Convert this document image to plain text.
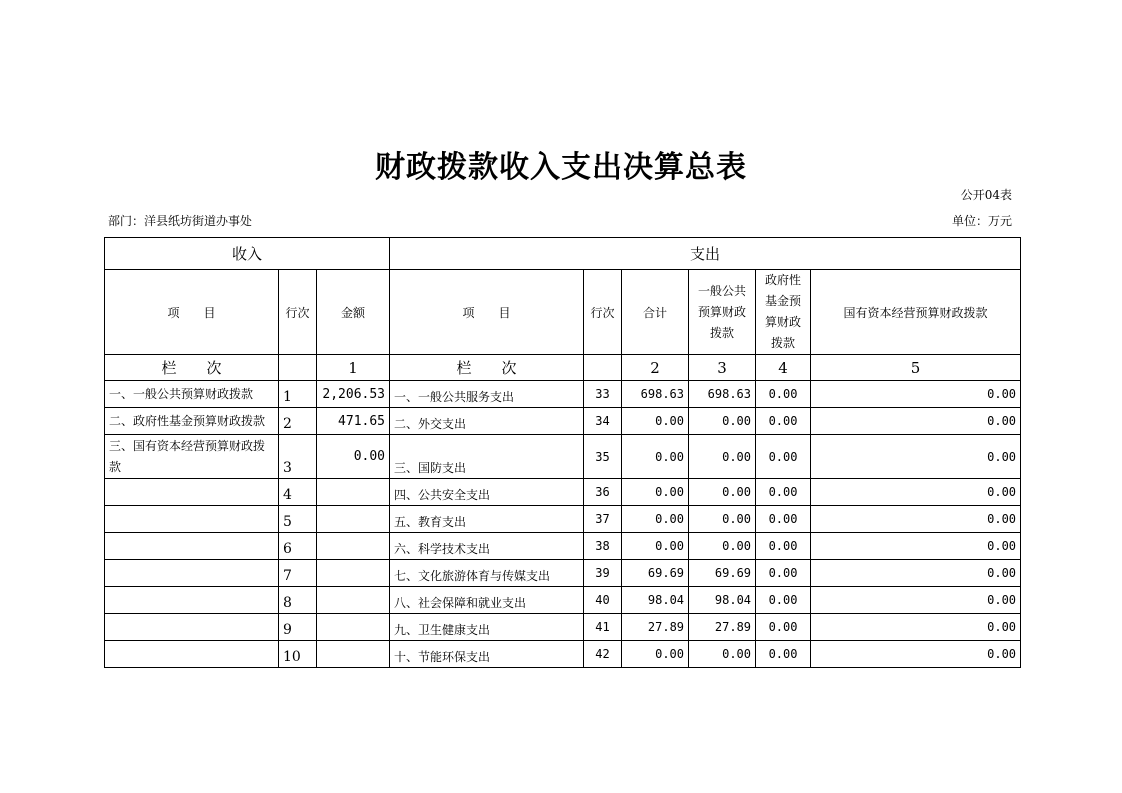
财政拨款收入支出决算总表
公开04表
部门：洋县纸坊街道办事处	单位：万元
收入			支出					
项　　目	行次	金额	项　　目	行次	合计	一般公共预算财政拨款	政府性基金预算财政拨款	国有资本经营预算财政拨款
栏　　次		1	栏　　次		2	3	4	5
一、一般公共预算财政拨款	1	2,206.53	一、一般公共服务支出	33	698.63	698.63	0.00	0.00
二、政府性基金预算财政拨款	2	471.65	二、外交支出	34	0.00	0.00	0.00	0.00
三、国有资本经营预算财政拨款	3	0.00	三、国防支出	35	0.00	0.00	0.00	0.00
	4		四、公共安全支出	36	0.00	0.00	0.00	0.00
	5		五、教育支出	37	0.00	0.00	0.00	0.00
	6		六、科学技术支出	38	0.00	0.00	0.00	0.00
	7		七、文化旅游体育与传媒支出	39	69.69	69.69	0.00	0.00
	8		八、社会保障和就业支出	40	98.04	98.04	0.00	0.00
	9		九、卫生健康支出	41	27.89	27.89	0.00	0.00
	10		十、节能环保支出	42	0.00	0.00	0.00	0.00
